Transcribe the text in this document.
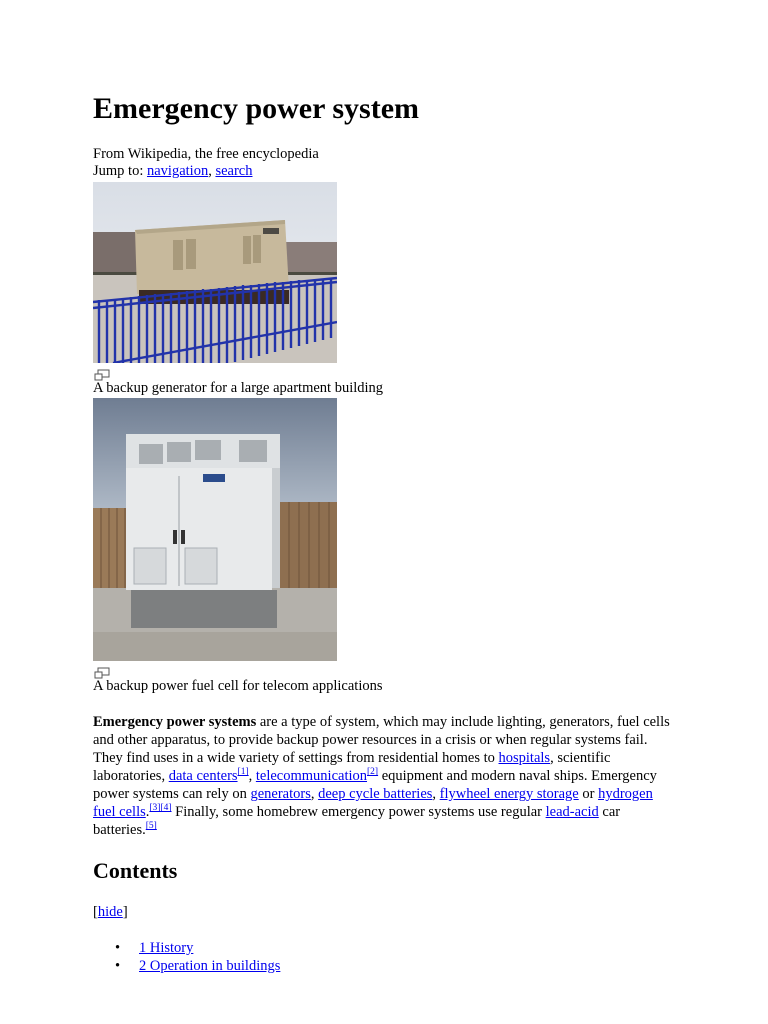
Emergency power system
From Wikipedia, the free encyclopedia
Jump to: navigation, search
A backup generator for a large apartment building
A backup power fuel cell for telecom applications

Emergency power systems are a type of system, which may include lighting, generators, fuel cells and other apparatus, to provide backup power resources in a crisis or when regular systems fail. They find uses in a wide variety of settings from residential homes to hospitals, scientific laboratories, data centers[1], telecommunication[2] equipment and modern naval ships. Emergency power systems can rely on generators, deep cycle batteries, flywheel energy storage or hydrogen fuel cells.[3][4] Finally, some homebrew emergency power systems use regular lead-acid car batteries.[5]

Contents
[hide]
• 1 History
• 2 Operation in buildings
